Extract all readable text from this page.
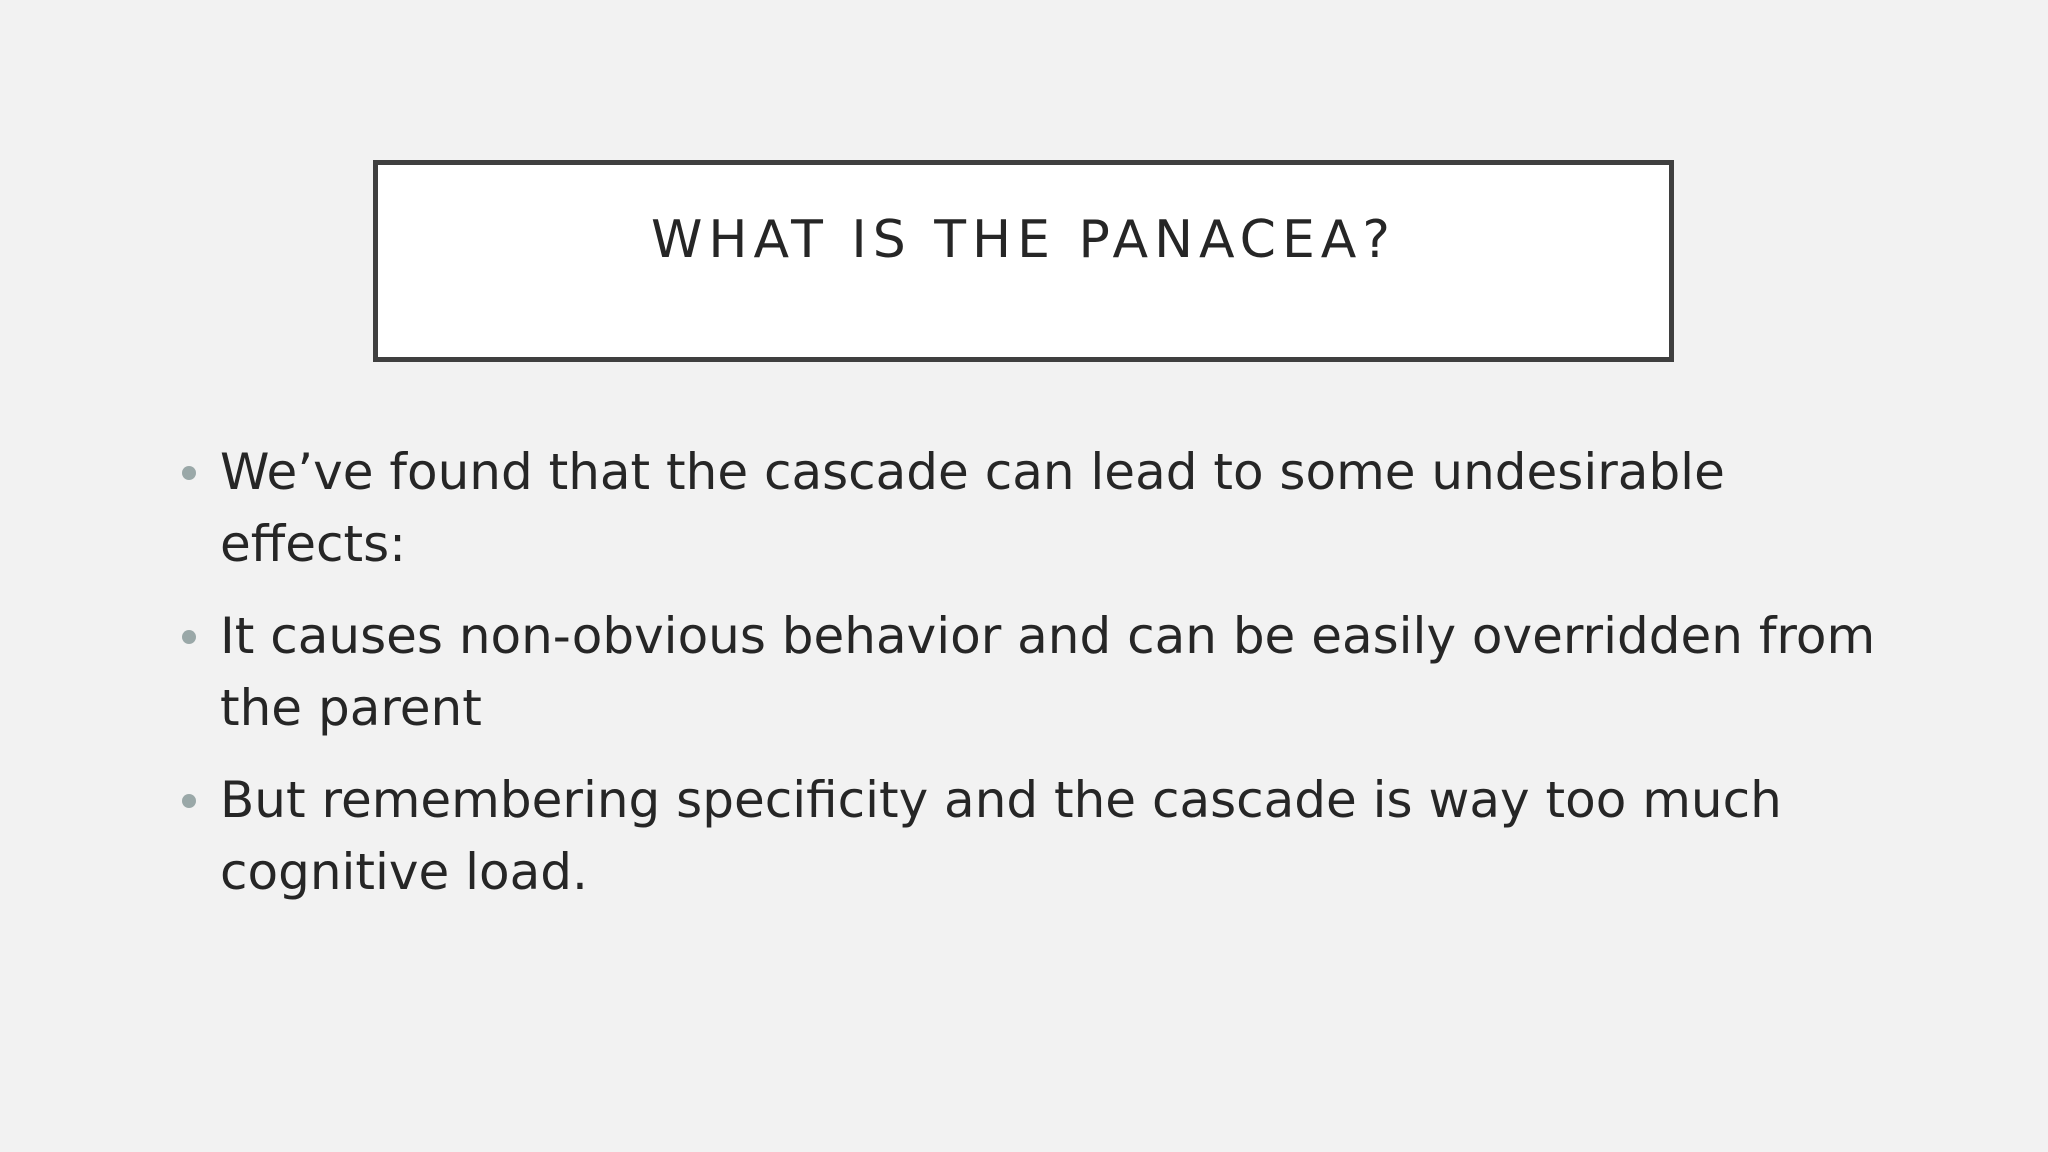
WHAT IS THE PANACEA?
We’ve found that the cascade can lead to some undesirable effects:
It causes non-obvious behavior and can be easily overridden from the parent
But remembering specificity and the cascade is way too much cognitive load.
